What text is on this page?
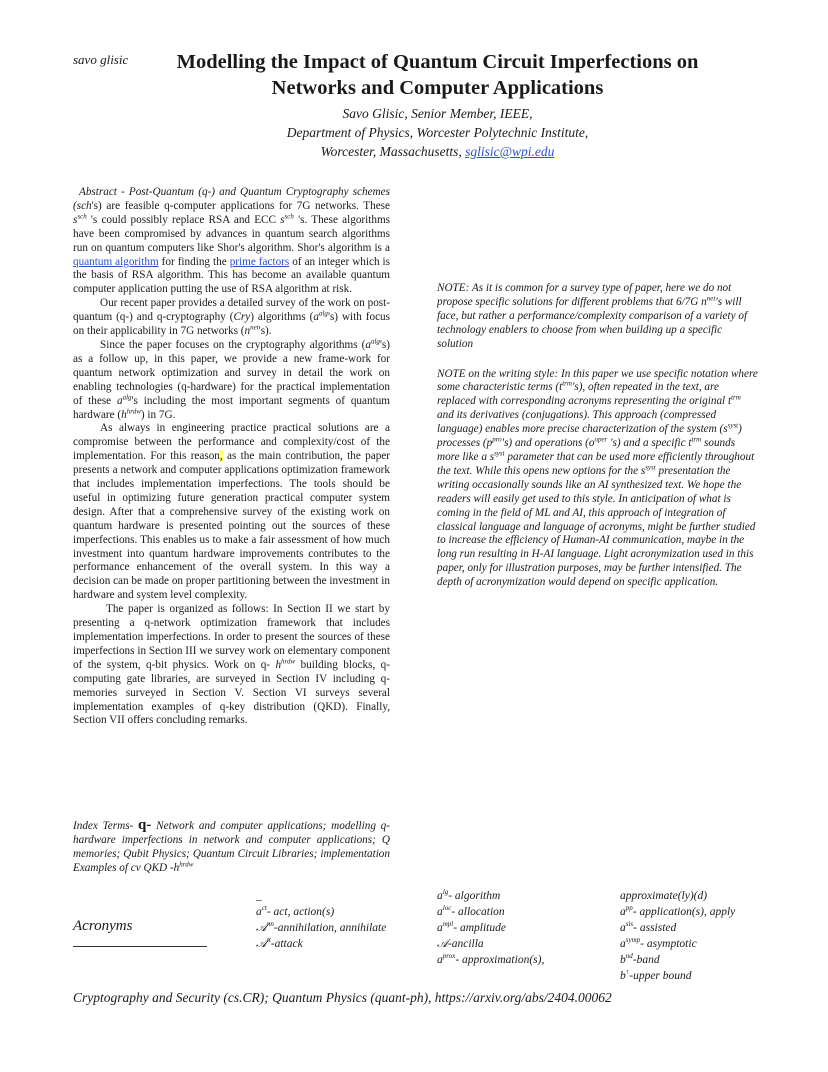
savo glisic	Modelling the Impact of Quantum Circuit Imperfections on Networks and Computer Applications
Savo Glisic, Senior Member, IEEE,
Department of Physics, Worcester Polytechnic Institute,
Worcester, Massachusetts, sglisic@wpi.edu

Abstract - Post-Quantum (q-) and Quantum Cryptography schemes (sch's) are feasible q-computer applications for 7G networks. These $s^{sch}$ 's could possibly replace RSA and ECC $s^{sch}$ 's. These algorithms have been compromised by advances in quantum search algorithms run on quantum computers like Shor's algorithm. Shor's algorithm is a quantum algorithm for finding the prime factors of an integer which is the basis of RSA algorithm. This has become an available quantum computer application putting the use of RSA algorithm at risk.

Our recent paper provides a detailed survey of the work on post-quantum (q-) and q-cryptography (Cry) algorithms $(a^{alg}'s)$ with focus on their applicability in 7G networks $(n^{net}'s)$.

Since the paper focuses on the cryptography algorithms $(a^{alg}'s)$ as a follow up, in this paper, we provide a new frame-work for quantum network optimization and survey in detail the work on enabling technologies (q-hardware) for the practical implementation of these $a^{alg}'s$ including the most important segments of quantum hardware $(h^{hrdw})$ in 7G.

As always in engineering practice practical solutions are a compromise between the performance and complexity/cost of the implementation. For this reason, as the main contribution, the paper presents a network and computer applications optimization framework that includes implementation imperfections. The tools should be useful in optimizing future generation practical computer system design. After that a comprehensive survey of the existing work on quantum hardware is presented pointing out the sources of these imperfections. This enables us to make a fair assessment of how much investment into quantum hardware improvements contributes to the performance enhancement of the overall system. In this way a decision can be made on proper partitioning between the investment in hardware and system level complexity.

The paper is organized as follows: In Section II we start by presenting a q-network optimization framework that includes implementation imperfections. In order to present the sources of these imperfections in Section III we survey work on elementary component of the system, q-bit physics. Work on q- $h^{hrdw}$ building blocks, q-computing gate libraries, are surveyed in Section IV including q-memories surveyed in Section V. Section VI surveys several implementation examples of q-key distribution (QKD). Finally, Section VII offers concluding remarks.

NOTE: As it is common for a survey type of paper, here we do not propose specific solutions for different problems that 6/7G $n^{net}'s$ will face, but rather a performance/complexity comparison of a variety of technology enablers to choose from when building up a specific solution

NOTE on the writing style: In this paper we use specific notation where some characteristic terms $(t^{trm}'s)$, often repeated in the text, are replaced with corresponding acronyms representing the original $t^{trm}$ and its derivatives (conjugations). This approach (compressed language) enables more precise characterization of the system $(s^{syst})$ processes $(p^{pro}'s)$ and operations ($o^{oper}$ 's) and a specific $t^{trm}$ sounds more like a $s^{syst}$ parameter that can be used more efficiently throughout the text. While this opens new options for the $s^{syst}$ presentation the writing occasionally sounds like an AI synthesized text. We hope the readers will easily get used to this style. In anticipation of what is coming in the field of ML and AI, this approach of integration of classical language and language of acronyms, might be further studied to increase the efficiency of Human-AI communication, maybe in the long run resulting in H-AI language. Light acronymization used in this paper, only for illustration purposes, may be further intensified. The depth of acronymization would depend on specific application.

Index Terms- q- Network and computer applications; modelling q-hardware imperfections in network and computer applications; Q memories; Qubit Physics; Quantum Circuit Libraries; implementation Examples of cv QKD $-h^{hrdw}$
Acronyms
_
$a^{ct}-$ act, action(s)
𝒜$^{nn}$-annihilation, annihilate
𝒜$^{tt}$-attack
$a^{lg}-$ algorithm
$a^{loc}-$ allocation
$a^{mpl}-$ amplitude
𝒜-ancilla
$a^{prox}-$ approximation(s),
approximate(ly)(d)
$a^{pp}-$ application(s), apply
$a^{sis}-$ assisted
$a^{symp}-$ asymptotic
$b^{nd}$-band
b↑-upper bound
Cryptography and Security (cs.CR); Quantum Physics (quant-ph), https://arxiv.org/abs/2404.00062
